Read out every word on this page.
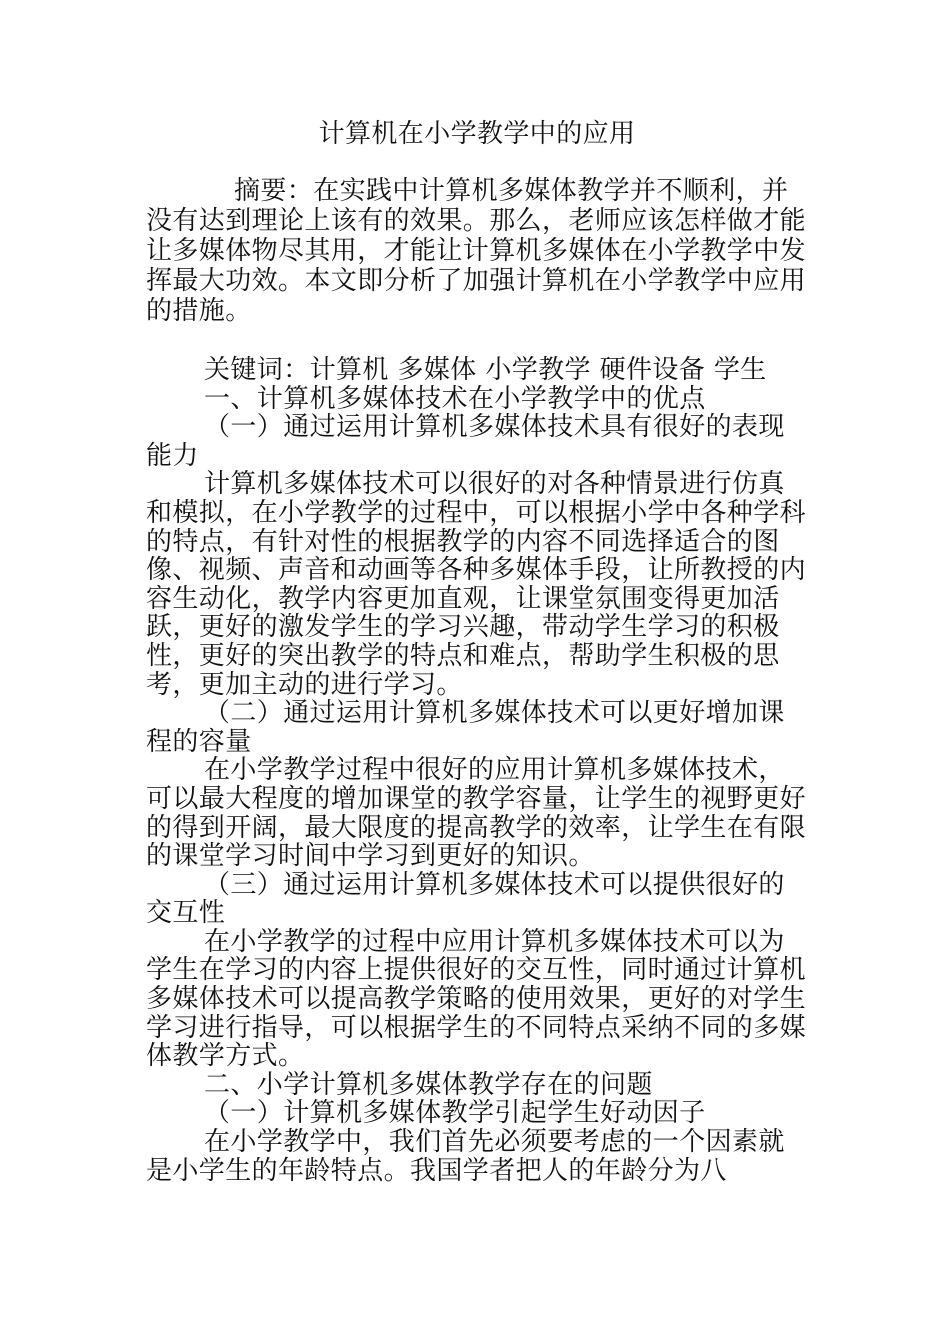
计算机在小学教学中的应用

摘要：在实践中计算机多媒体教学并不顺利，并没有达到理论上该有的效果。那么，老师应该怎样做才能让多媒体物尽其用，才能让计算机多媒体在小学教学中发挥最大功效。本文即分析了加强计算机在小学教学中应用的措施。

关键词：计算机 多媒体 小学教学 硬件设备 学生

一、计算机多媒体技术在小学教学中的优点

（一）通过运用计算机多媒体技术具有很好的表现能力

计算机多媒体技术可以很好的对各种情景进行仿真和模拟，在小学教学的过程中，可以根据小学中各种学科的特点，有针对性的根据教学的内容不同选择适合的图像、视频、声音和动画等各种多媒体手段，让所教授的内容生动化，教学内容更加直观，让课堂氛围变得更加活跃，更好的激发学生的学习兴趣，带动学生学习的积极性，更好的突出教学的特点和难点，帮助学生积极的思考，更加主动的进行学习。

（二）通过运用计算机多媒体技术可以更好增加课程的容量

在小学教学过程中很好的应用计算机多媒体技术，可以最大程度的增加课堂的教学容量，让学生的视野更好的得到开阔，最大限度的提高教学的效率，让学生在有限的课堂学习时间中学习到更好的知识。

（三）通过运用计算机多媒体技术可以提供很好的交互性

在小学教学的过程中应用计算机多媒体技术可以为学生在学习的内容上提供很好的交互性，同时通过计算机多媒体技术可以提高教学策略的使用效果，更好的对学生学习进行指导，可以根据学生的不同特点采纳不同的多媒体教学方式。

二、小学计算机多媒体教学存在的问题

（一）计算机多媒体教学引起学生好动因子

在小学教学中，我们首先必须要考虑的一个因素就是小学生的年龄特点。我国学者把人的年龄分为八
